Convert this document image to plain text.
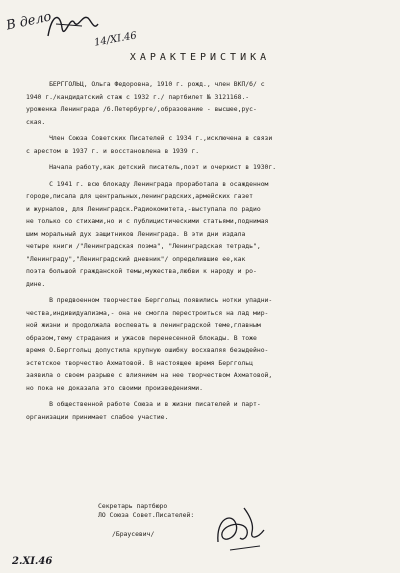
В дело
14/XI.46
ХАРАКТЕРИСТИКА
БЕРГГОЛЬЦ, Ольга Федоровна, 1910 г. рожд., член ВКП/б/ с
1940 г./кандидатский стаж с 1932 г./ партбилет № 3121168.-
уроженка Ленинграда /б.Петербурге/,образование - высшее,рус-
ская.
Член Союза Советских Писателей с 1934 г.,исключена в связи
с арестом в 1937 г. и восстановлена в 1939 г.
Начала работу,как детский писатель,поэт и очеркист в 1930г.
С 1941 г. всю блокаду Ленинграда проработала в осажденном
городе,писала для центральных,ленинградских,армейских газет
и журналов, для Ленинградск.Радиокомитета,-выступала по радио
не только со стихами,но и с публицистическими статьями,поднимая
шим моральный дух защитников Ленинграда. В эти дни издала
четыре книги /"Ленинградская поэма", "Ленинградская тетрадь",
"Ленинграду","Ленинградский дневник"/ определившие ее,как
поэта большой гражданской темы,мужества,любви к народу и ро-
дине.
В предвоенном творчестве Берггольц появились нотки упадни-
чества,индивидуализма,- она не смогла перестроиться на лад мир-
ной жизни и продолжала воспевать в ленинградской теме,главным
образом,тему страдания и ужасов перенесенной блокады. В тоже
время О.Берггольц допустила крупную ошибку восхваляя безыдейно-
эстетское творчество Ахматовой. В настоящее время Берггольц
заявила о своем разрыве с влиянием на нее творчеством Ахматовой,
но пока не доказала это своими произведениями.
В общественной работе Союза и в жизни писателей и парт-
организации принимает слабое участие.
Секретарь партбюро
ЛО Союза Совет.Писателей:
/Браусевич/
2.XI.46
